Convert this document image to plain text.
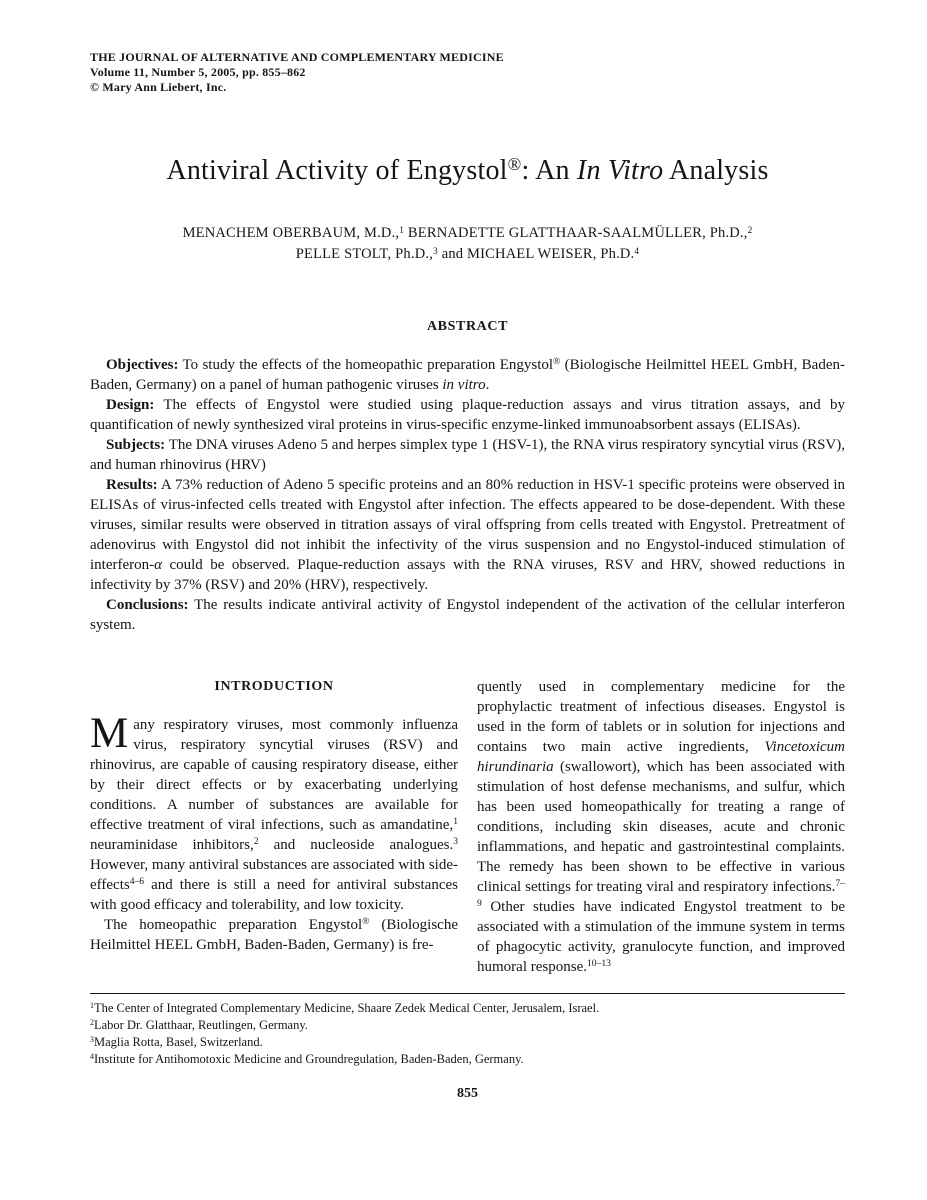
THE JOURNAL OF ALTERNATIVE AND COMPLEMENTARY MEDICINE
Volume 11, Number 5, 2005, pp. 855–862
© Mary Ann Liebert, Inc.
Antiviral Activity of Engystol®: An In Vitro Analysis
MENACHEM OBERBAUM, M.D.,$^1$ BERNADETTE GLATTHAAR-SAALMÜLLER, Ph.D.,$^2$
PELLE STOLT, Ph.D.,$^3$ and MICHAEL WEISER, Ph.D.$^4$
ABSTRACT

Objectives: To study the effects of the homeopathic preparation Engystol® (Biologische Heilmittel HEEL GmbH, Baden-Baden, Germany) on a panel of human pathogenic viruses in vitro.

Design: The effects of Engystol were studied using plaque-reduction assays and virus titration assays, and by quantification of newly synthesized viral proteins in virus-specific enzyme-linked immunoabsorbent assays (ELISAs).

Subjects: The DNA viruses Adeno 5 and herpes simplex type 1 (HSV-1), the RNA virus respiratory syncytial virus (RSV), and human rhinovirus (HRV)

Results: A 73% reduction of Adeno 5 specific proteins and an 80% reduction in HSV-1 specific proteins were observed in ELISAs of virus-infected cells treated with Engystol after infection. The effects appeared to be dose-dependent. With these viruses, similar results were observed in titration assays of viral offspring from cells treated with Engystol. Pretreatment of adenovirus with Engystol did not inhibit the infectivity of the virus suspension and no Engystol-induced stimulation of interferon-α could be observed. Plaque-reduction assays with the RNA viruses, RSV and HRV, showed reductions in infectivity by 37% (RSV) and 20% (HRV), respectively.

Conclusions: The results indicate antiviral activity of Engystol independent of the activation of the cellular interferon system.

INTRODUCTION

Many respiratory viruses, most commonly influenza virus, respiratory syncytial viruses (RSV) and rhinovirus, are capable of causing respiratory disease, either by their direct effects or by exacerbating underlying conditions. A number of substances are available for effective treatment of viral infections, such as amandatine,$^1$ neuraminidase inhibitors,$^2$ and nucleoside analogues.$^3$ However, many antiviral substances are associated with side-effects$^{4-6}$ and there is still a need for antiviral substances with good efficacy and tolerability, and low toxicity.

The homeopathic preparation Engystol® (Biologische Heilmittel HEEL GmbH, Baden-Baden, Germany) is fre-

quently used in complementary medicine for the prophylactic treatment of infectious diseases. Engystol is used in the form of tablets or in solution for injections and contains two main active ingredients, Vincetoxicum hirundinaria (swallowort), which has been associated with stimulation of host defense mechanisms, and sulfur, which has been used homeopathically for treating a range of conditions, including skin diseases, acute and chronic inflammations, and hepatic and gastrointestinal complaints. The remedy has been shown to be effective in various clinical settings for treating viral and respiratory infections.$^{7-9}$ Other studies have indicated Engystol treatment to be associated with a stimulation of the immune system in terms of phagocytic activity, granulocyte function, and improved humoral response.$^{10-13}$

$^1$The Center of Integrated Complementary Medicine, Shaare Zedek Medical Center, Jerusalem, Israel.

$^2$Labor Dr. Glatthaar, Reutlingen, Germany.

$^3$Maglia Rotta, Basel, Switzerland.

$^4$Institute for Antihomotoxic Medicine and Groundregulation, Baden-Baden, Germany.

855
